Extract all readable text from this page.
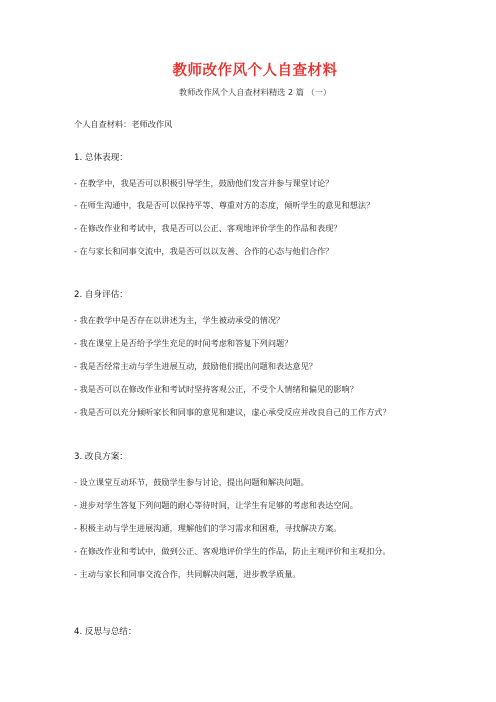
教师改作风个人自查材料

教师改作风个人自查材料精选 2 篇 （一）

个人自查材料：老师改作风

1. 总体表现：

- 在教学中，我是否可以积极引导学生，鼓励他们发言并参与课堂讨论？

- 在师生沟通中，我是否可以保持平等、尊重对方的态度，倾听学生的意见和想法？

- 在修改作业和考试中，我是否可以公正、客观地评价学生的作品和表现？

- 在与家长和同事交流中，我是否可以以友善、合作的心态与他们合作？

2. 自身评估：

- 我在教学中是否存在以讲述为主，学生被动承受的情况？

- 我在课堂上是否给予学生充足的时间考虑和答复下列问题？

- 我是否经常主动与学生进展互动，鼓励他们提出问题和表达意见？

- 我是否可以在修改作业和考试时坚持客观公正，不受个人情绪和偏见的影响？

- 我是否可以充分倾听家长和同事的意见和建议，虚心承受反应并改良自己的工作方式？

3. 改良方案：

- 设立课堂互动环节，鼓励学生参与讨论，提出问题和解决问题。

- 进步对学生答复下列问题的耐心等待时间，让学生有足够的考虑和表达空间。

- 积极主动与学生进展沟通，理解他们的学习需求和困难，寻找解决方案。

- 在修改作业和考试中，做到公正、客观地评价学生的作品，防止主观评价和主观扣分。

- 主动与家长和同事交流合作，共同解决问题，进步教学质量。

4. 反思与总结：
